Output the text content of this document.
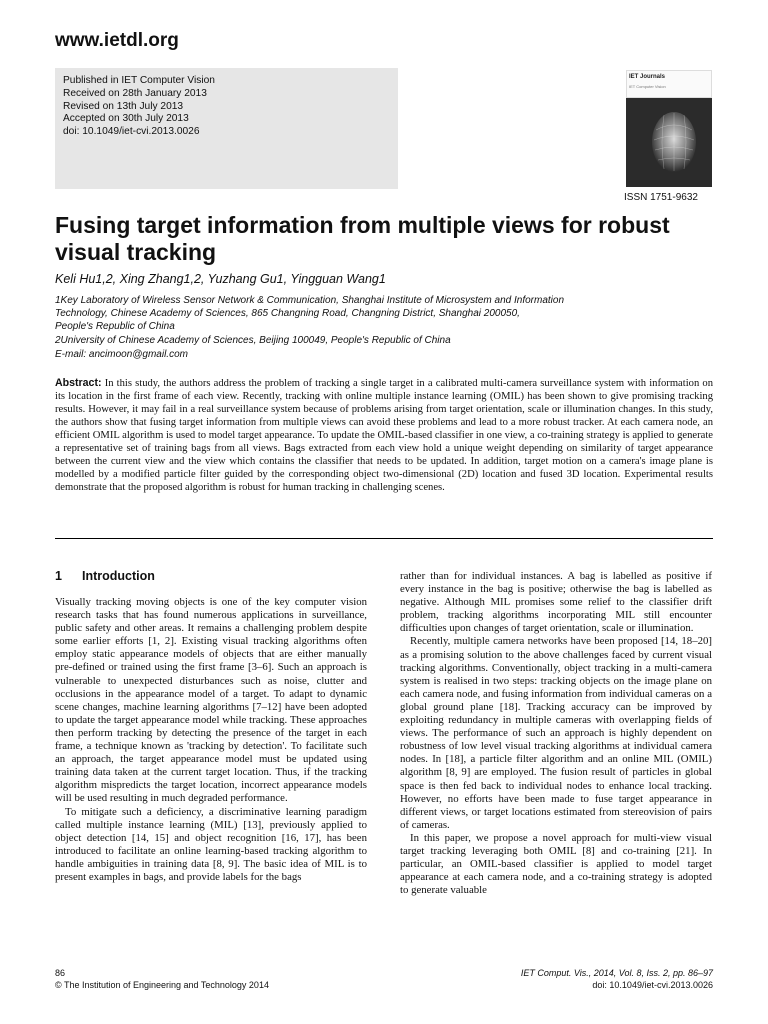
www.ietdl.org
Published in IET Computer Vision
Received on 28th January 2013
Revised on 13th July 2013
Accepted on 30th July 2013
doi: 10.1049/iet-cvi.2013.0026
IET Journals
IET Computer Vision
ISSN 1751-9632
Fusing target information from multiple views for robust visual tracking
Keli Hu1,2, Xing Zhang1,2, Yuzhang Gu1, Yingguan Wang1
1Key Laboratory of Wireless Sensor Network & Communication, Shanghai Institute of Microsystem and Information
Technology, Chinese Academy of Sciences, 865 Changning Road, Changning District, Shanghai 200050,
People's Republic of China
2University of Chinese Academy of Sciences, Beijing 100049, People's Republic of China
E-mail: ancimoon@gmail.com
Abstract: In this study, the authors address the problem of tracking a single target in a calibrated multi-camera surveillance system with information on its location in the first frame of each view. Recently, tracking with online multiple instance learning (OMIL) has been shown to give promising tracking results. However, it may fail in a real surveillance system because of problems arising from target orientation, scale or illumination changes. In this study, the authors show that fusing target information from multiple views can avoid these problems and lead to a more robust tracker. At each camera node, an efficient OMIL algorithm is used to model target appearance. To update the OMIL-based classifier in one view, a co-training strategy is applied to generate a representative set of training bags from all views. Bags extracted from each view hold a unique weight depending on similarity of target appearance between the current view and the view which contains the classifier that needs to be updated. In addition, target motion on a camera's image plane is modelled by a modified particle filter guided by the corresponding object two-dimensional (2D) location and fused 3D location. Experimental results demonstrate that the proposed algorithm is robust for human tracking in challenging scenes.
1 Introduction

Visually tracking moving objects is one of the key computer vision research tasks that has found numerous applications in surveillance, public safety and other areas. It remains a challenging problem despite some earlier efforts [1, 2]. Existing visual tracking algorithms often employ static appearance models of objects that are either manually pre-defined or trained using the first frame [3–6]. Such an approach is vulnerable to unexpected disturbances such as noise, clutter and occlusions in the appearance model of a target. To adapt to dynamic scene changes, machine learning algorithms [7–12] have been adopted to update the target appearance model while tracking. These approaches then perform tracking by detecting the presence of the target in each frame, a technique known as 'tracking by detection'. To facilitate such an approach, the target appearance model must be updated using training data taken at the current target location. Thus, if the tracking algorithm mispredicts the target location, incorrect appearance models will be used resulting in much degraded performance.

To mitigate such a deficiency, a discriminative learning paradigm called multiple instance learning (MIL) [13], previously applied to object detection [14, 15] and object recognition [16, 17], has been introduced to facilitate an online learning-based tracking algorithm to handle ambiguities in training data [8, 9]. The basic idea of MIL is to present examples in bags, and provide labels for the bags

rather than for individual instances. A bag is labelled as positive if every instance in the bag is positive; otherwise the bag is labelled as negative. Although MIL promises some relief to the classifier drift problem, tracking algorithms incorporating MIL still encounter difficulties upon changes of target orientation, scale or illumination.

Recently, multiple camera networks have been proposed [14, 18–20] as a promising solution to the above challenges faced by current visual tracking algorithms. Conventionally, object tracking in a multi-camera system is realised in two steps: tracking objects on the image plane on each camera node, and fusing information from individual cameras on a global ground plane [18]. Tracking accuracy can be improved by exploiting redundancy in multiple cameras with overlapping fields of views. The performance of such an approach is highly dependent on robustness of low level visual tracking algorithms at individual camera nodes. In [18], a particle filter algorithm and an online MIL (OMIL) algorithm [8, 9] are employed. The fusion result of particles in global space is then fed back to individual nodes to enhance local tracking. However, no efforts have been made to fuse target appearance in different views, or target locations estimated from stereovision of pairs of cameras.

In this paper, we propose a novel approach for multi-view visual target tracking leveraging both OMIL [8] and co-training [21]. In particular, an OMIL-based classifier is applied to model target appearance at each camera node, and a co-training strategy is adopted to generate valuable

86
© The Institution of Engineering and Technology 2014
IET Comput. Vis., 2014, Vol. 8, Iss. 2, pp. 86–97
doi: 10.1049/iet-cvi.2013.0026
